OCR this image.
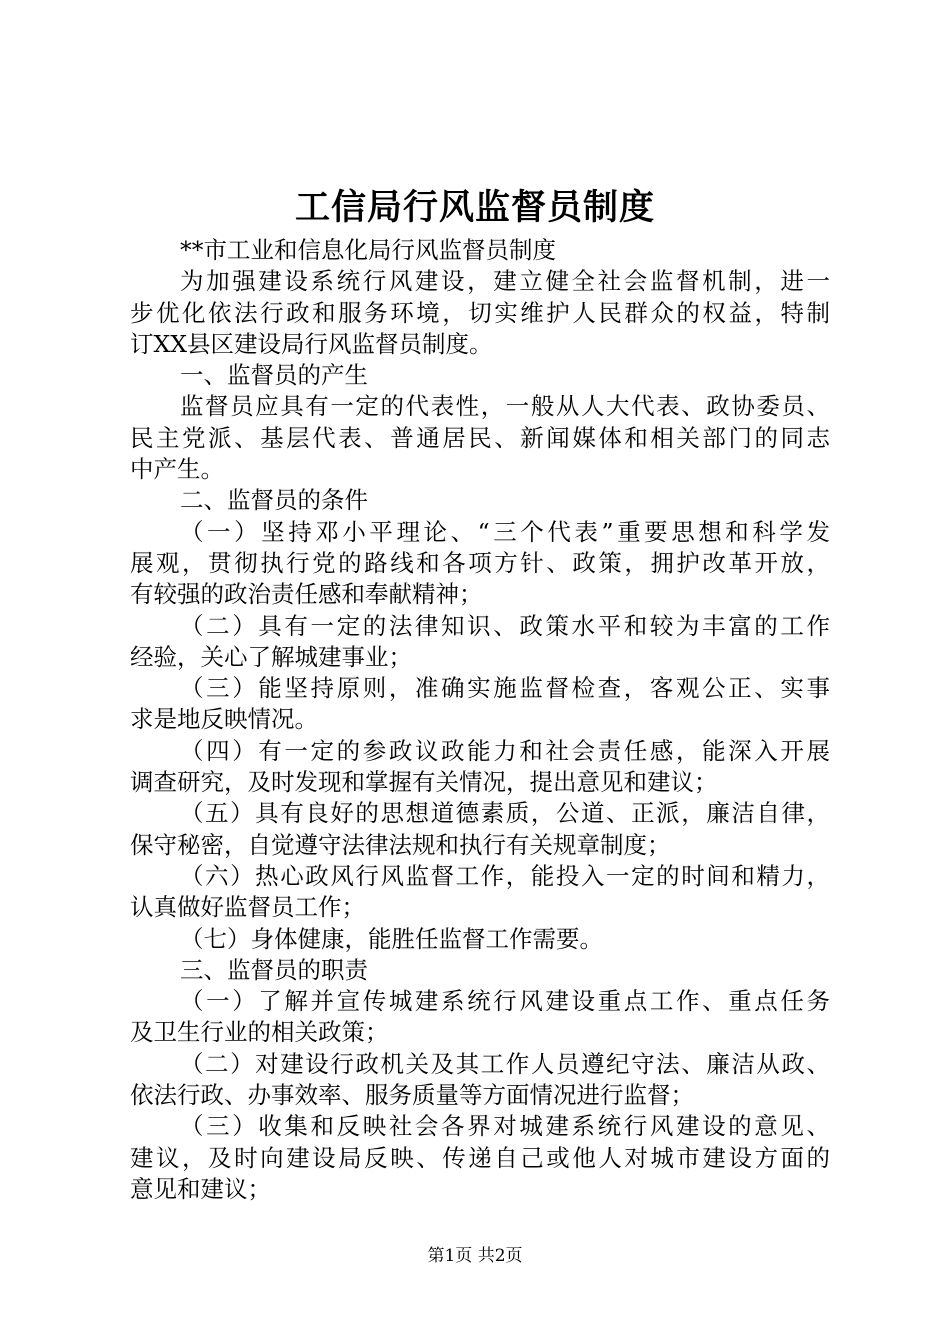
工信局行风监督员制度
**市工业和信息化局行风监督员制度
为加强建设系统行风建设，建立健全社会监督机制，进一
步优化依法行政和服务环境，切实维护人民群众的权益，特制
订XX县区建设局行风监督员制度。
一、监督员的产生
监督员应具有一定的代表性，一般从人大代表、政协委员、
民主党派、基层代表、普通居民、新闻媒体和相关部门的同志
中产生。
二、监督员的条件
（一）坚持邓小平理论、“三个代表”重要思想和科学发
展观，贯彻执行党的路线和各项方针、政策，拥护改革开放，
有较强的政治责任感和奉献精神；
（二）具有一定的法律知识、政策水平和较为丰富的工作
经验，关心了解城建事业；
（三）能坚持原则，准确实施监督检查，客观公正、实事
求是地反映情况。
（四）有一定的参政议政能力和社会责任感，能深入开展
调查研究，及时发现和掌握有关情况，提出意见和建议；
（五）具有良好的思想道德素质，公道、正派，廉洁自律，
保守秘密，自觉遵守法律法规和执行有关规章制度；
（六）热心政风行风监督工作，能投入一定的时间和精力，
认真做好监督员工作；
（七）身体健康，能胜任监督工作需要。
三、监督员的职责
（一）了解并宣传城建系统行风建设重点工作、重点任务
及卫生行业的相关政策；
（二）对建设行政机关及其工作人员遵纪守法、廉洁从政、
依法行政、办事效率、服务质量等方面情况进行监督；
（三）收集和反映社会各界对城建系统行风建设的意见、
建议，及时向建设局反映、传递自己或他人对城市建设方面的
意见和建议；
第1页 共2页
